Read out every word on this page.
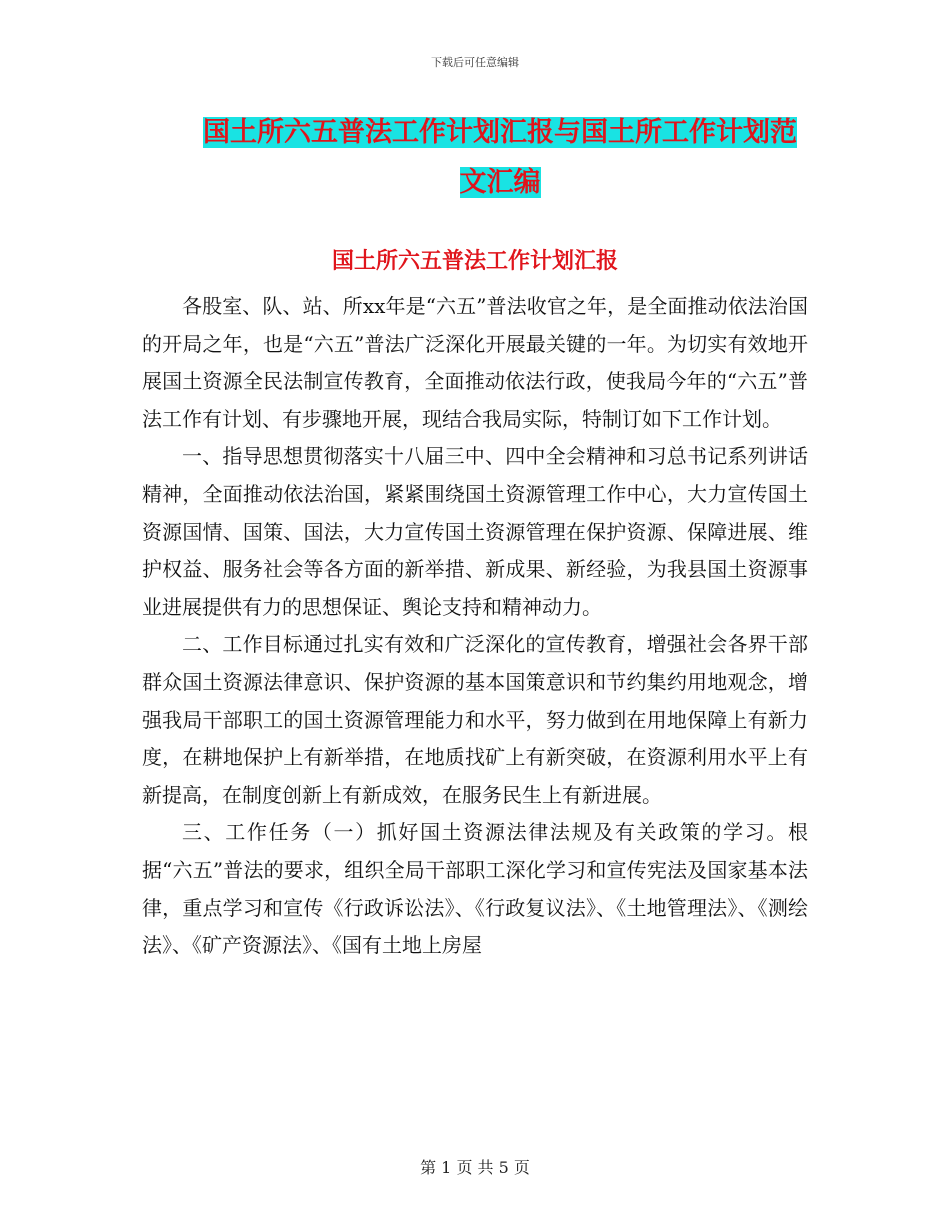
下载后可任意编辑
国土所六五普法工作计划汇报与国土所工作计划范文汇编
国土所六五普法工作计划汇报

各股室、队、站、所xx年是“六五”普法收官之年，是全面推动依法治国的开局之年，也是“六五”普法广泛深化开展最关键的一年。为切实有效地开展国土资源全民法制宣传教育，全面推动依法行政，使我局今年的“六五”普法工作有计划、有步骤地开展，现结合我局实际，特制订如下工作计划。

一、指导思想贯彻落实十八届三中、四中全会精神和习总书记系列讲话精神，全面推动依法治国，紧紧围绕国土资源管理工作中心，大力宣传国土资源国情、国策、国法，大力宣传国土资源管理在保护资源、保障进展、维护权益、服务社会等各方面的新举措、新成果、新经验，为我县国土资源事业进展提供有力的思想保证、舆论支持和精神动力。

二、工作目标通过扎实有效和广泛深化的宣传教育，增强社会各界干部群众国土资源法律意识、保护资源的基本国策意识和节约集约用地观念，增强我局干部职工的国土资源管理能力和水平，努力做到在用地保障上有新力度，在耕地保护上有新举措，在地质找矿上有新突破，在资源利用水平上有新提高，在制度创新上有新成效，在服务民生上有新进展。

三、工作任务（一）抓好国土资源法律法规及有关政策的学习。根据“六五”普法的要求，组织全局干部职工深化学习和宣传宪法及国家基本法律，重点学习和宣传《行政诉讼法》、《行政复议法》、《土地管理法》、《测绘法》、《矿产资源法》、《国有土地上房屋

第 1 页 共 5 页
